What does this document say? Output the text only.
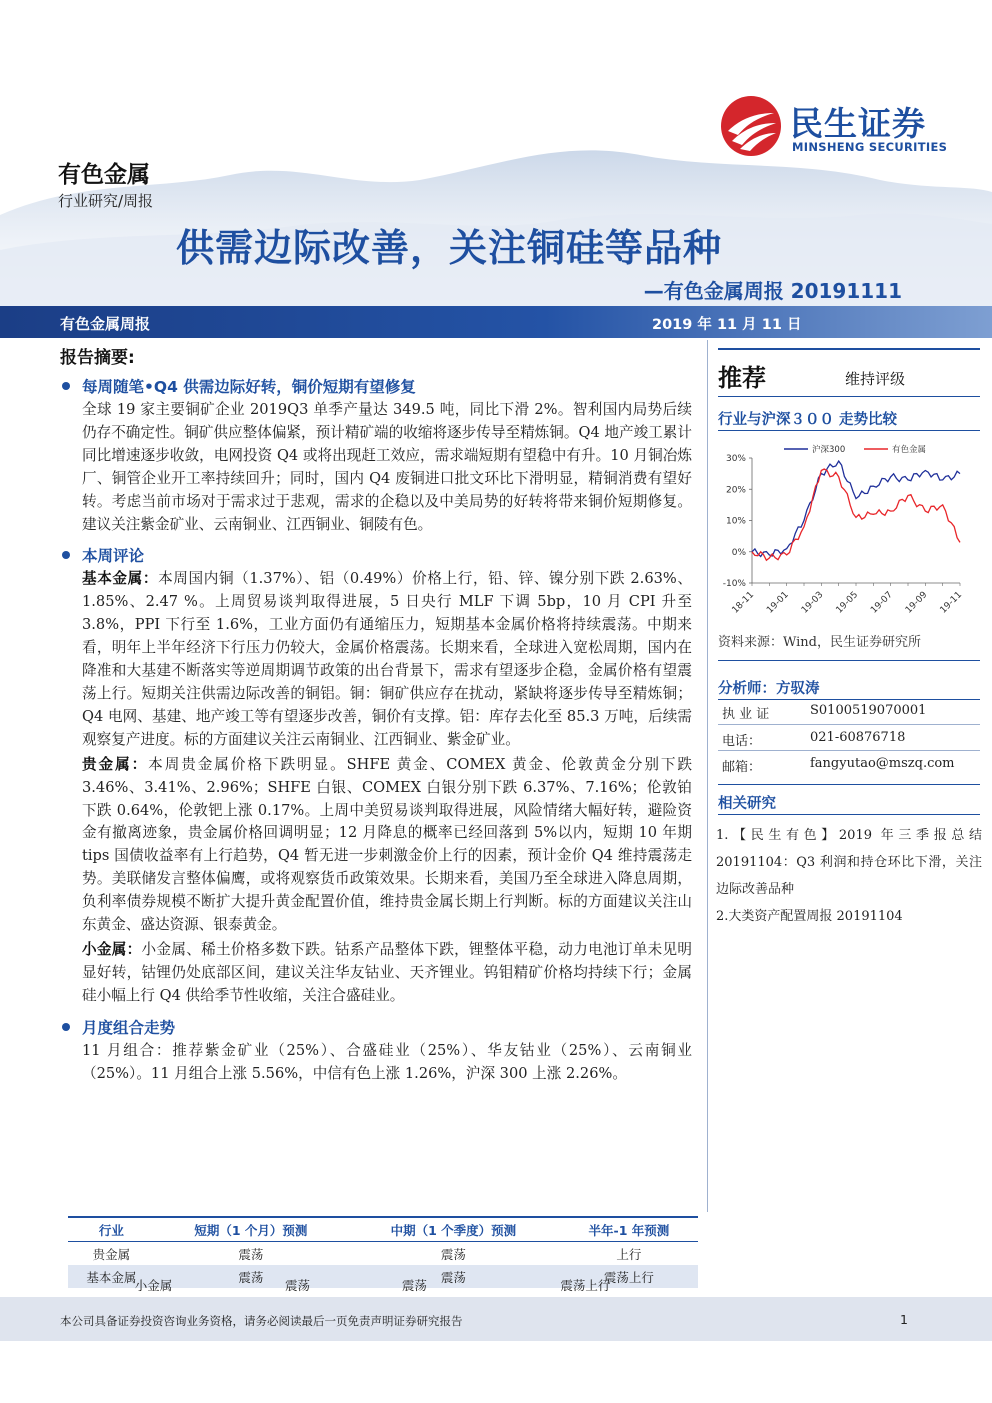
民生证券
MINSHENG SECURITIES
有色金属
行业研究/周报
供需边际改善，关注铜硅等品种
—有色金属周报 20191111
有色金属周报	2019 年 11 月 11 日
报告摘要:
每周随笔•Q4 供需边际好转，铜价短期有望修复

全球 19 家主要铜矿企业 2019Q3 单季产量达 349.5 吨，同比下滑 2%。智利国内局势后续仍存不确定性。铜矿供应整体偏紧，预计精矿端的收缩将逐步传导至精炼铜。Q4 地产竣工累计同比增速逐步收敛，电网投资 Q4 或将出现赶工效应，需求端短期有望稳中有升。10 月铜冶炼厂、铜管企业开工率持续回升；同时，国内 Q4 废铜进口批文环比下滑明显，精铜消费有望好转。考虑当前市场对于需求过于悲观，需求的企稳以及中美局势的好转将带来铜价短期修复。建议关注紫金矿业、云南铜业、江西铜业、铜陵有色。

本周评论

基本金属：本周国内铜（1.37%）、铝（0.49%）价格上行，铅、锌、镍分别下跌 2.63%、1.85%、2.47 %。上周贸易谈判取得进展，5 日央行 MLF 下调 5bp，10 月 CPI 升至 3.8%，PPI 下行至 1.6%，工业方面仍有通缩压力，短期基本金属价格将持续震荡。中期来看，明年上半年经济下行压力仍较大，金属价格震荡。长期来看，全球进入宽松周期，国内在降准和大基建不断落实等逆周期调节政策的出台背景下，需求有望逐步企稳，金属价格有望震荡上行。短期关注供需边际改善的铜铝。铜：铜矿供应存在扰动，紧缺将逐步传导至精炼铜；Q4 电网、基建、地产竣工等有望逐步改善，铜价有支撑。铝：库存去化至 85.3 万吨，后续需观察复产进度。标的方面建议关注云南铜业、江西铜业、紫金矿业。

贵金属：本周贵金属价格下跌明显。SHFE 黄金、COMEX 黄金、伦敦黄金分别下跌 3.46%、3.41%、2.96%；SHFE 白银、COMEX 白银分别下跌 6.37%、7.16%；伦敦铂下跌 0.64%，伦敦钯上涨 0.17%。上周中美贸易谈判取得进展，风险情绪大幅好转，避险资金有撤离迹象，贵金属价格回调明显；12 月降息的概率已经回落到 5%以内，短期 10 年期 tips 国债收益率有上行趋势，Q4 暂无进一步刺激金价上行的因素，预计金价 Q4 维持震荡走势。美联储发言整体偏鹰，或将观察货币政策效果。长期来看，美国乃至全球进入降息周期，负利率债券规模不断扩大提升黄金配置价值，维持贵金属长期上行判断。标的方面建议关注山东黄金、盛达资源、银泰黄金。

小金属：小金属、稀土价格多数下跌。钴系产品整体下跌，锂整体平稳，动力电池订单未见明显好转，钴锂仍处底部区间，建议关注华友钴业、天齐锂业。钨钼精矿价格均持续下行；金属硅小幅上行 Q4 供给季节性收缩，关注合盛硅业。

月度组合走势

11 月组合：推荐紫金矿业（25%）、合盛硅业（25%）、华友钴业（25%）、云南铜业（25%）。11 月组合上涨 5.56%，中信有色上涨 1.26%，沪深 300 上涨 2.26%。

行业	短期（1 个月）预测	中期（1 个季度）预测	半年-1 年预测
贵金属	震荡	震荡	上行
基本金属	震荡	震荡	震荡上行
小金属	震荡	震荡	震荡上行
推荐	维持评级
行业与沪深３００ 走势比较
30%
20%
10%
0%
-10%
18-11 19-01 19-03 19-05 19-07 19-09 19-11
沪深300	有色金属
资料来源：Wind，民生证券研究所
分析师：方驭涛
执 业 证	S0100519070001
电话：	021-60876718
邮箱：	fangyutao@mszq.com
相关研究

1.【民生有色】2019 年三季报总结 20191104：Q3 利润和持仓环比下滑，关注边际改善品种

2.大类资产配置周报 20191104

本公司具备证券投资咨询业务资格，请务必阅读最后一页免责声明证券研究报告	1
